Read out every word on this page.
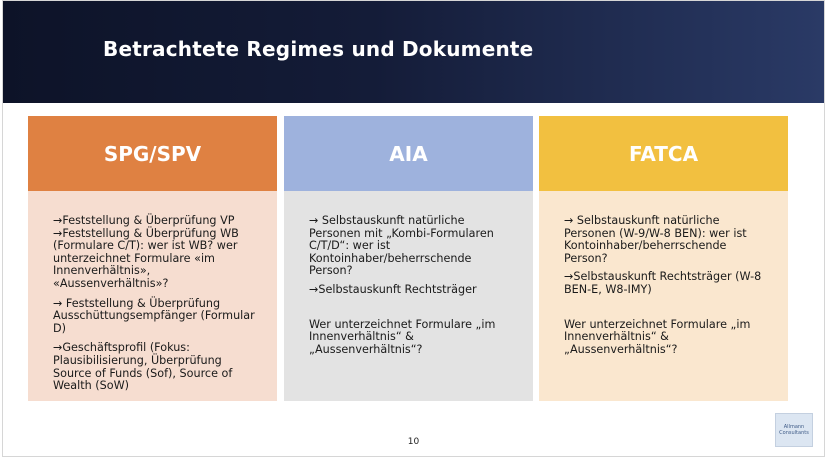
Betrachtete Regimes und Dokumente
SPG/SPV
→Feststellung & Überprüfung VP
→Feststellung & Überprüfung WB (Formulare C/T): wer ist WB? wer unterzeichnet Formulare «im Innenverhältnis», «Aussenverhältnis»?
→ Feststellung & Überprüfung Ausschüttungsempfänger (Formular D)
→Geschäftsprofil (Fokus: Plausibilisierung, Überprüfung Source of Funds (Sof), Source of Wealth (SoW)
AIA
→ Selbstauskunft natürliche Personen mit „Kombi-Formularen C/T/D“: wer ist Kontoinhaber/beherrschende Person?
→Selbstauskunft Rechtsträger
Wer unterzeichnet Formulare „im Innenverhältnis“ & „Aussenverhältnis“?
FATCA
→ Selbstauskunft natürliche Personen (W-9/W-8 BEN): wer ist Kontoinhaber/beherrschende Person?
→Selbstauskunft Rechtsträger (W-8 BEN-E, W8-IMY)
Wer unterzeichnet Formulare „im Innenverhältnis“ & „Aussenverhältnis“?
10
Allmann
Consultants
